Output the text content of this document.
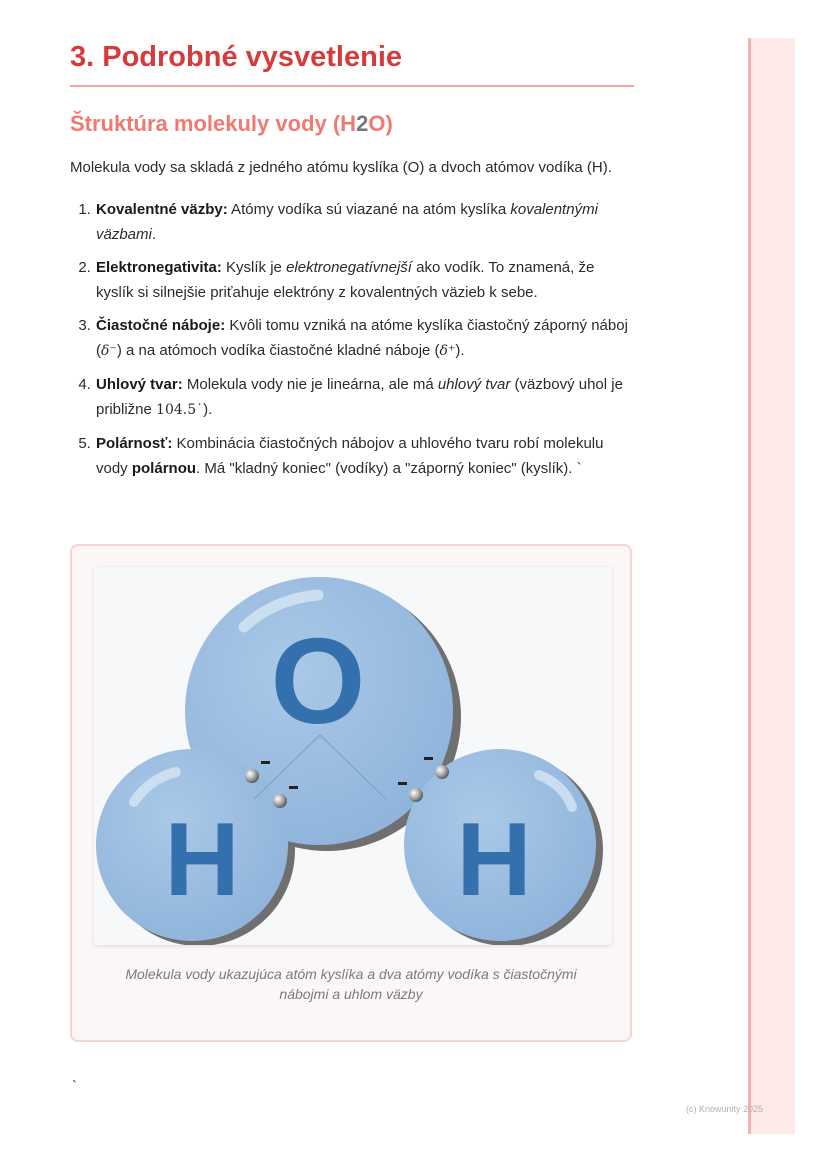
3. Podrobné vysvetlenie
Štruktúra molekuly vody (H2O)

Molekula vody sa skladá z jedného atómu kyslíka (O) a dvoch atómov vodíka (H).

1. Kovalentné väzby: Atómy vodíka sú viazané na atóm kyslíka kovalentnými väzbami.
2. Elektronegativita: Kyslík je elektronegatívnejší ako vodík. To znamená, že kyslík si silnejšie priťahuje elektróny z kovalentných väzieb k sebe.
3. Čiastočné náboje: Kvôli tomu vzniká na atóme kyslíka čiastočný záporný náboj (δ⁻) a na atómoch vodíka čiastočné kladné náboje (δ⁺).
4. Uhlový tvar: Molekula vody nie je lineárna, ale má uhlový tvar (väzbový uhol je približne 104.5˙).
5. Polárnosť: Kombinácia čiastočných nábojov a uhlového tvaru robí molekulu vody polárnou. Má "kladný koniec" (vodíky) a "záporný koniec" (kyslík). `
O
H H
Molekula vody ukazujúca atóm kyslíka a dva atómy vodíka s čiastočnými nábojmi a uhlom väzby
`
(c) Knowunity 2025
